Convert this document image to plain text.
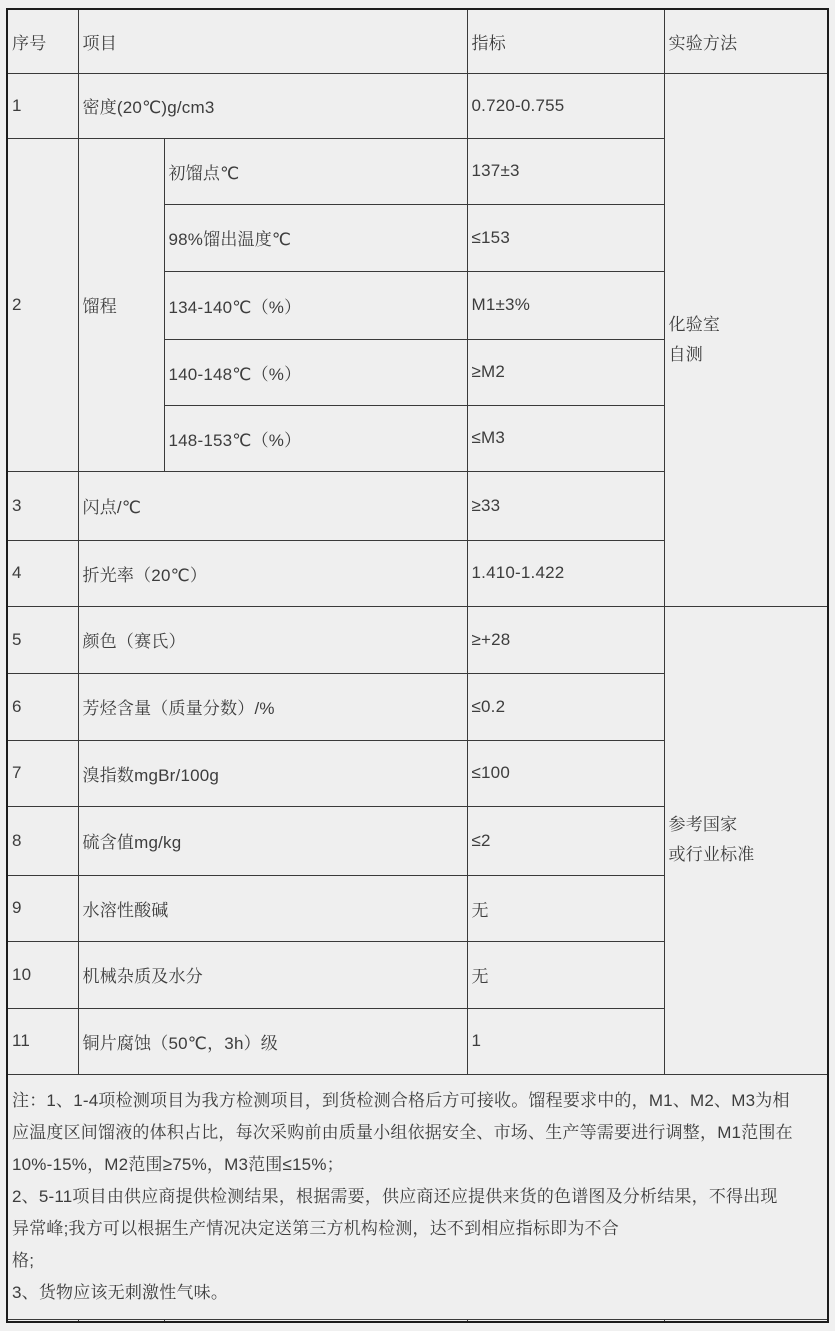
序号	项目		指标	实验方法
1	密度(20℃)g/cm3		0.720-0.755	化验室
自测

2	馏程	初馏点℃	137±3	
		98%馏出温度℃	≤153	
		134-140℃（%）	M1±3%	
		140-148℃（%）	≥M2	
		148-153℃（%）	≤M3	
3	闪点/℃		≥33	
4	折光率（20℃）		1.410-1.422	
5	颜色（赛氏）		≥+28	参考国家
或行业标准

6	芳烃含量（质量分数）/%		≤0.2	
7	溴指数mgBr/100g		≤100	
8	硫含值mg/kg		≤2	
9	水溶性酸碱		无	
10	机械杂质及水分		无	
11	铜片腐蚀（50℃，3h）级		1	

注：1、1-4项检测项目为我方检测项目，到货检测合格后方可接收。馏程要求中的，M1、M2、M3为相
应温度区间馏液的体积占比，每次采购前由质量小组依据安全、市场、生产等需要进行调整，M1范围在
10%-15%，M2范围≥75%，M3范围≤15%；
2、5-11项目由供应商提供检测结果，根据需要，供应商还应提供来货的色谱图及分析结果，不得出现
异常峰;我方可以根据生产情况决定送第三方机构检测，达不到相应指标即为不合
格;
3、货物应该无刺激性气味。
